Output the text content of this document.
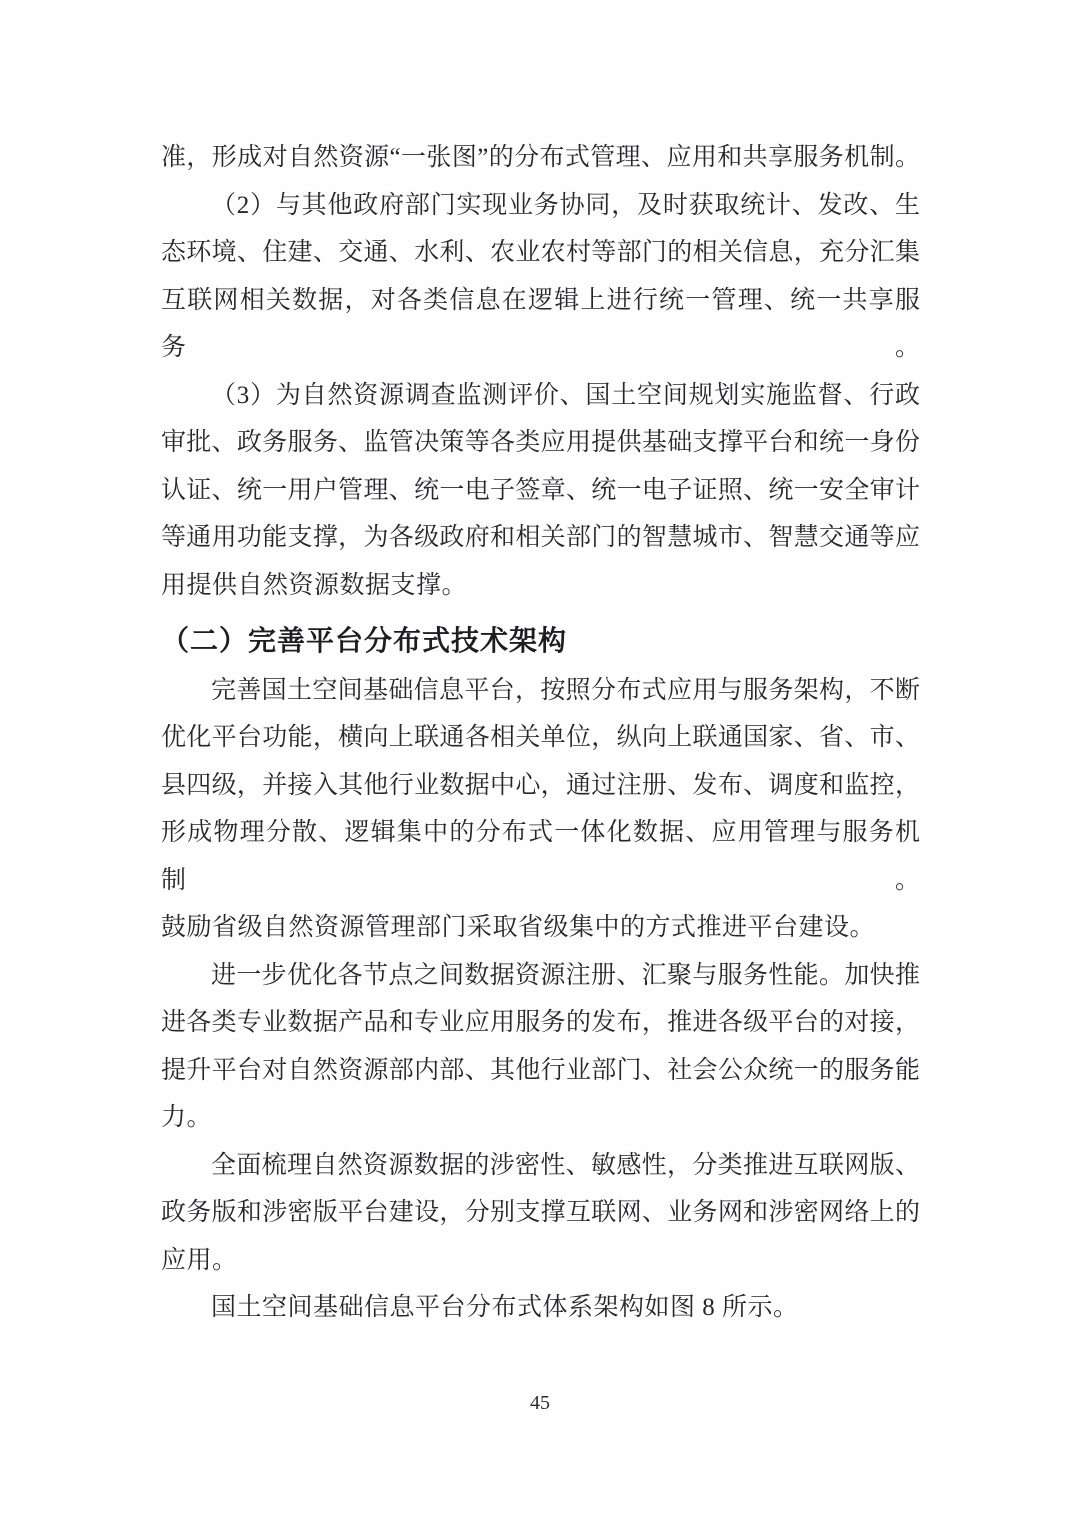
准，形成对自然资源“一张图”的分布式管理、应用和共享服务机制。
（2）与其他政府部门实现业务协同，及时获取统计、发改、生
态环境、住建、交通、水利、农业农村等部门的相关信息，充分汇集
互联网相关数据，对各类信息在逻辑上进行统一管理、统一共享服务。
（3）为自然资源调查监测评价、国土空间规划实施监督、行政
审批、政务服务、监管决策等各类应用提供基础支撑平台和统一身份
认证、统一用户管理、统一电子签章、统一电子证照、统一安全审计
等通用功能支撑，为各级政府和相关部门的智慧城市、智慧交通等应
用提供自然资源数据支撑。
（二）完善平台分布式技术架构
完善国土空间基础信息平台，按照分布式应用与服务架构，不断
优化平台功能，横向上联通各相关单位，纵向上联通国家、省、市、
县四级，并接入其他行业数据中心，通过注册、发布、调度和监控，
形成物理分散、逻辑集中的分布式一体化数据、应用管理与服务机制。
鼓励省级自然资源管理部门采取省级集中的方式推进平台建设。
进一步优化各节点之间数据资源注册、汇聚与服务性能。加快推
进各类专业数据产品和专业应用服务的发布，推进各级平台的对接，
提升平台对自然资源部内部、其他行业部门、社会公众统一的服务能
力。
全面梳理自然资源数据的涉密性、敏感性，分类推进互联网版、
政务版和涉密版平台建设，分别支撑互联网、业务网和涉密网络上的
应用。
国土空间基础信息平台分布式体系架构如图 8 所示。
45
